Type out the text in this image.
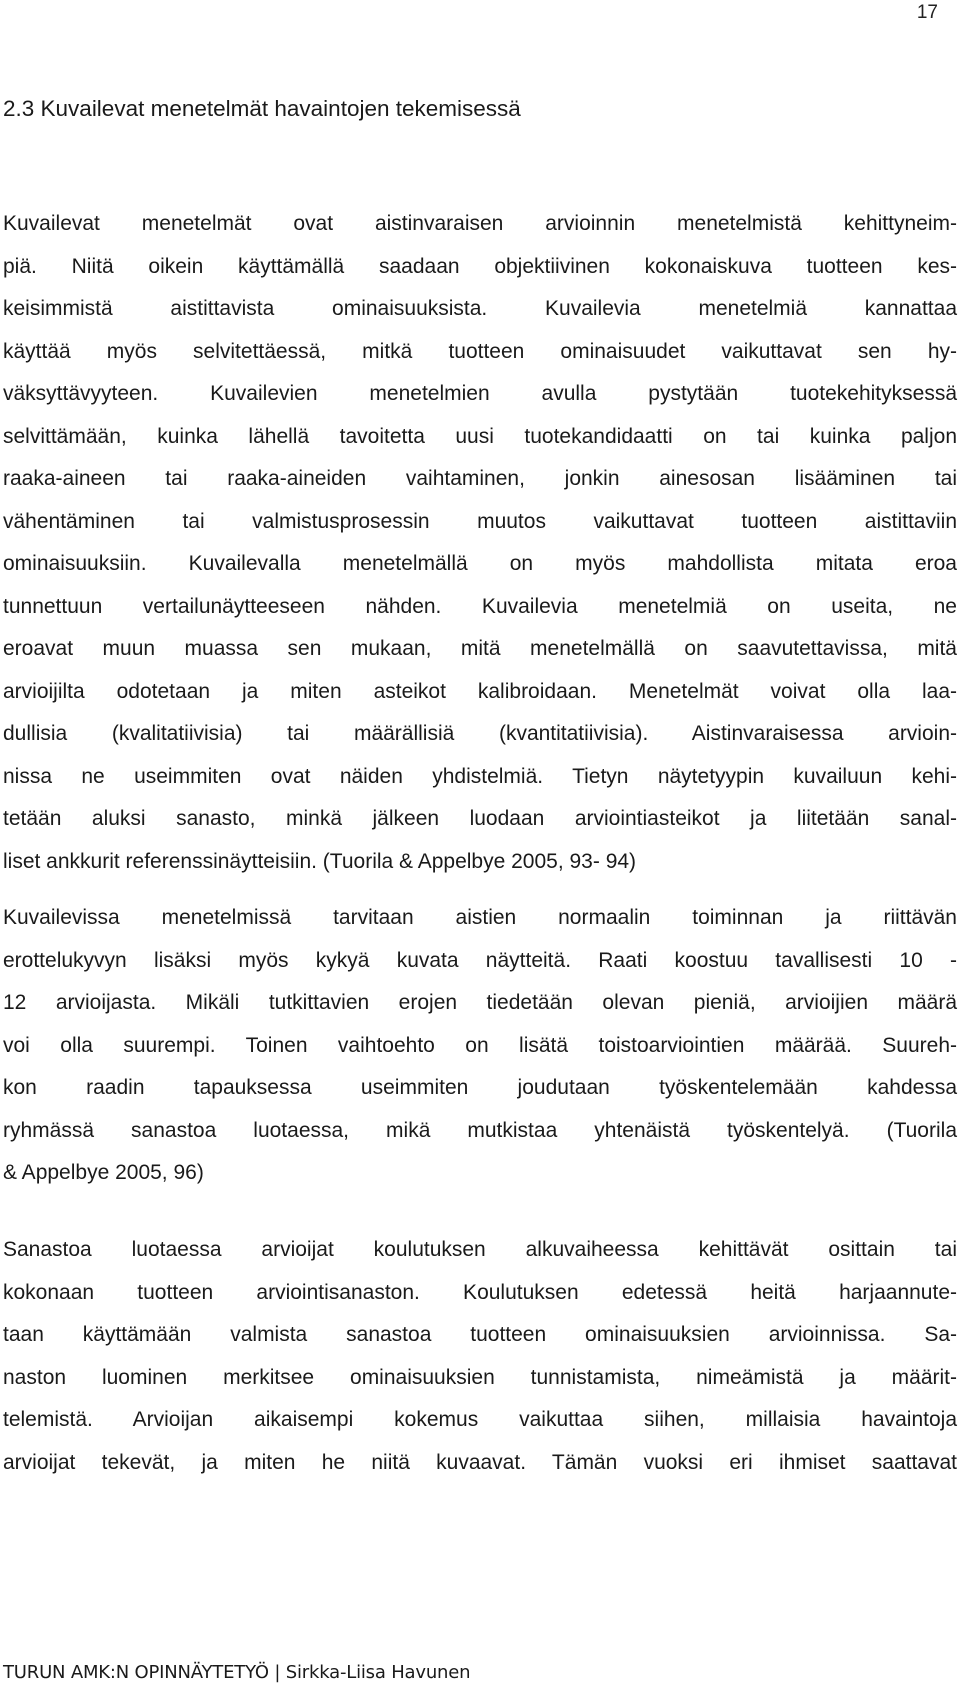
17
2.3 Kuvailevat menetelmät havaintojen tekemisessä
Kuvailevat menetelmät ovat aistinvaraisen arvioinnin menetelmistä kehittyneim-
piä. Niitä oikein käyttämällä saadaan objektiivinen kokonaiskuva tuotteen kes-
keisimmistä aistittavista ominaisuuksista. Kuvailevia menetelmiä kannattaa
käyttää myös selvitettäessä, mitkä tuotteen ominaisuudet vaikuttavat sen hy-
väksyttävyyteen. Kuvailevien menetelmien avulla pystytään tuotekehityksessä
selvittämään, kuinka lähellä tavoitetta uusi tuotekandidaatti on tai kuinka paljon
raaka-aineen tai raaka-aineiden vaihtaminen, jonkin ainesosan lisääminen tai
vähentäminen tai valmistusprosessin muutos vaikuttavat tuotteen aistittaviin
ominaisuuksiin. Kuvailevalla menetelmällä on myös mahdollista mitata eroa
tunnettuun vertailunäytteeseen nähden. Kuvailevia menetelmiä on useita, ne
eroavat muun muassa sen mukaan, mitä menetelmällä on saavutettavissa, mitä
arvioijilta odotetaan ja miten asteikot kalibroidaan. Menetelmät voivat olla laa-
dullisia (kvalitatiivisia) tai määrällisiä (kvantitatiivisia). Aistinvaraisessa arvioin-
nissa ne useimmiten ovat näiden yhdistelmiä. Tietyn näytetyypin kuvailuun kehi-
tetään aluksi sanasto, minkä jälkeen luodaan arviointiasteikot ja liitetään sanal-
liset ankkurit referenssinäytteisiin. (Tuorila & Appelbye 2005, 93- 94)
Kuvailevissa menetelmissä tarvitaan aistien normaalin toiminnan ja riittävän
erottelukyvyn lisäksi myös kykyä kuvata näytteitä. Raati koostuu tavallisesti 10 -
12 arvioijasta. Mikäli tutkittavien erojen tiedetään olevan pieniä, arvioijien määrä
voi olla suurempi. Toinen vaihtoehto on lisätä toistoarviointien määrää. Suureh-
kon raadin tapauksessa useimmiten joudutaan työskentelemään kahdessa
ryhmässä sanastoa luotaessa, mikä mutkistaa yhtenäistä työskentelyä. (Tuorila
& Appelbye 2005, 96)
Sanastoa luotaessa arvioijat koulutuksen alkuvaiheessa kehittävät osittain tai
kokonaan tuotteen arviointisanaston. Koulutuksen edetessä heitä harjaannute-
taan käyttämään valmista sanastoa tuotteen ominaisuuksien arvioinnissa. Sa-
naston luominen merkitsee ominaisuuksien tunnistamista, nimeämistä ja määrit-
telemistä. Arvioijan aikaisempi kokemus vaikuttaa siihen, millaisia havaintoja
arvioijat tekevät, ja miten he niitä kuvaavat. Tämän vuoksi eri ihmiset saattavat
TURUN AMK:N OPINNÄYTETYÖ | Sirkka-Liisa Havunen
